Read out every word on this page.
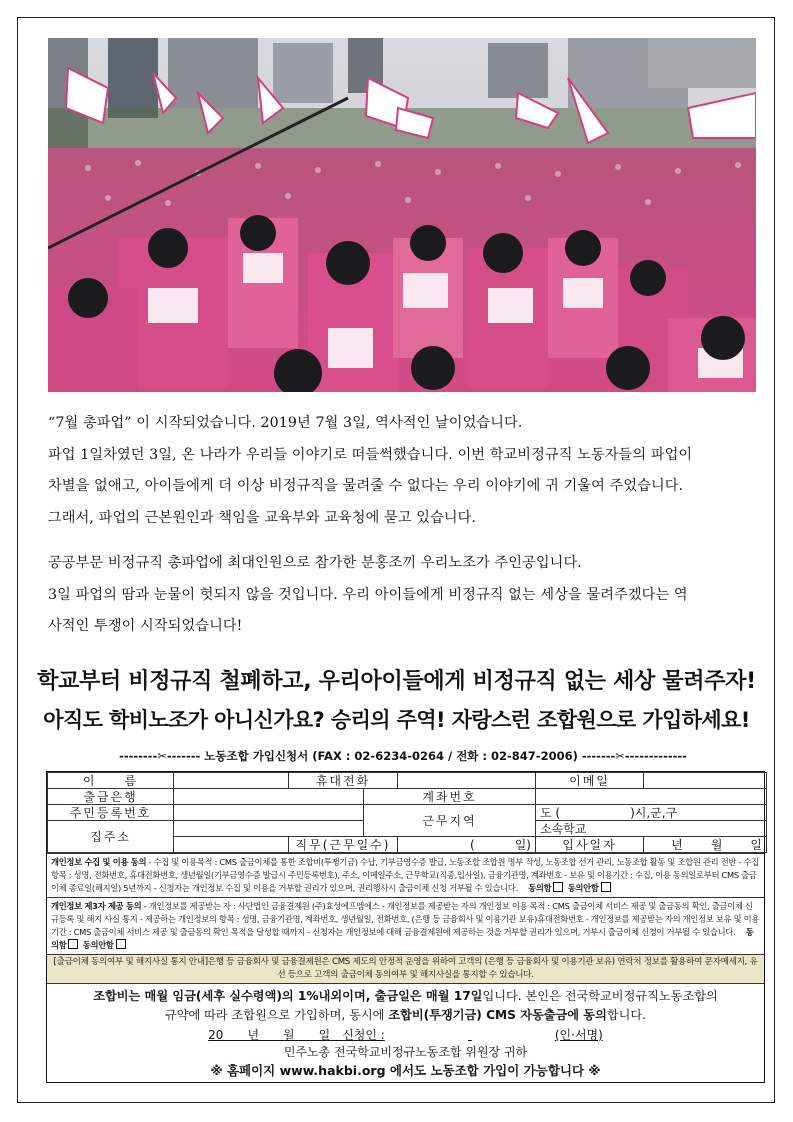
“7월 총파업” 이 시작되었습니다. 2019년 7월 3일, 역사적인 날이었습니다.

파업 1일차였던 3일, 온 나라가 우리들 이야기로 떠들썩했습니다. 이번 학교비정규직 노동자들의 파업이

차별을 없애고, 아이들에게 더 이상 비정규직을 물려줄 수 없다는 우리 이야기에 귀 기울여 주었습니다.

그래서, 파업의 근본원인과 책임을 교육부와 교육청에 묻고 있습니다.

공공부문 비정규직 총파업에 최대인원으로 참가한 분홍조끼 우리노조가 주인공입니다.

3일 파업의 땀과 눈물이 헛되지 않을 것입니다. 우리 아이들에게 비정규직 없는 세상을 물려주겠다는 역

사적인 투쟁이 시작되었습니다!

학교부터 비정규직 철폐하고, 우리아이들에게 비정규직 없는 세상 물려주자!
아직도 학비노조가 아니신가요? 승리의 주역! 자랑스런 조합원으로 가입하세요!
--------✂------- 노동조합 가입신청서 (FAX : 02-6234-0264 / 전화 : 02-847-2006) -------✂-------------
이　　름		휴대전화			이메일	
출금은행			계좌번호			
주민등록번호			근무지역		도 ( )시,군,구	
집주소					소속학교	
		직무(근무일수)		( 일)	입사일자	년 월 일
개인정보 수집 및 이용 동의 - 수집 및 이용목적 : CMS 출금이체를 통한 조합비(투쟁기금) 수납, 기부금영수증 발급, 노동조합 조합원 명부 작성, 노동조합 선거 관리, 노동조합 활동 및 조합원 관리 전반 - 수집항목 : 성명, 전화번호, 휴대전화번호, 생년월일(기부금영수증 발급시 주민등록번호), 주소, 이메일주소, 근무학교(직종,입사일), 금융기관명, 계좌번호 - 보유 및 이용기간 : 수집, 이용 동의일로부터 CMS 출금이체 종료일(해지일) 5년까지 - 신청자는 개인정보 수집 및 이용을 거부할 권리가 있으며, 권리행사시 출금이체 신청 거부될 수 있습니다. 동의함 동의안함
개인정보 제3자 제공 동의 - 개인정보를 제공받는 자 : 사단법인 금융결제원 (주)효성에프엠에스 - 개인정보를 제공받는 자의 개인정보 이용 목적 : CMS 출금이체 서비스 제공 및 출금동의 확인, 출금이체 신규등록 및 해지 사실 통지 - 제공하는 개인정보의 항목 : 성명, 금융기관명, 계좌번호, 생년월일, 전화번호, (은행 등 금융회사 및 이용기관 보유)휴대전화번호 - 개인정보를 제공받는 자의 개인정보 보유 및 이용기간 : CMS 출금이체 서비스 제공 및 출금동의 확인 목적을 달성할 때까지 - 신청자는 개인정보에 대해 금융결제원에 제공하는 것을 거부할 권리가 있으며, 거부시 출금이체 신청이 거부될 수 있습니다. 동의함 동의안함
[출금이체 동의여부 및 해지사실 통지 안내]은행 등 금융회사 및 금융결제원은 CMS 제도의 안정적 운영을 위하여 고객의 (은행 등 금융회사 및 이용기관 보유) 연락처 정보를 활용하여 문자메세지, 유선 등으로 고객의 출금이체 동의여부 및 해지사실을 통지할 수 있습니다.
조합비는 매월 임금(세후 실수령액)의 1%내외이며, 출금일은 매월 17일입니다. 본인은 전국학교비정규직노동조합의
규약에 따라 조합원으로 가입하며, 동시에 조합비(투쟁기금) CMS 자동출금에 동의합니다.
20　　년　　월　　일　신청인 :	(인·서명)
민주노총 전국학교비정규노동조합 위원장 귀하
※ 홈페이지 www.hakbi.org 에서도 노동조합 가입이 가능합니다 ※
